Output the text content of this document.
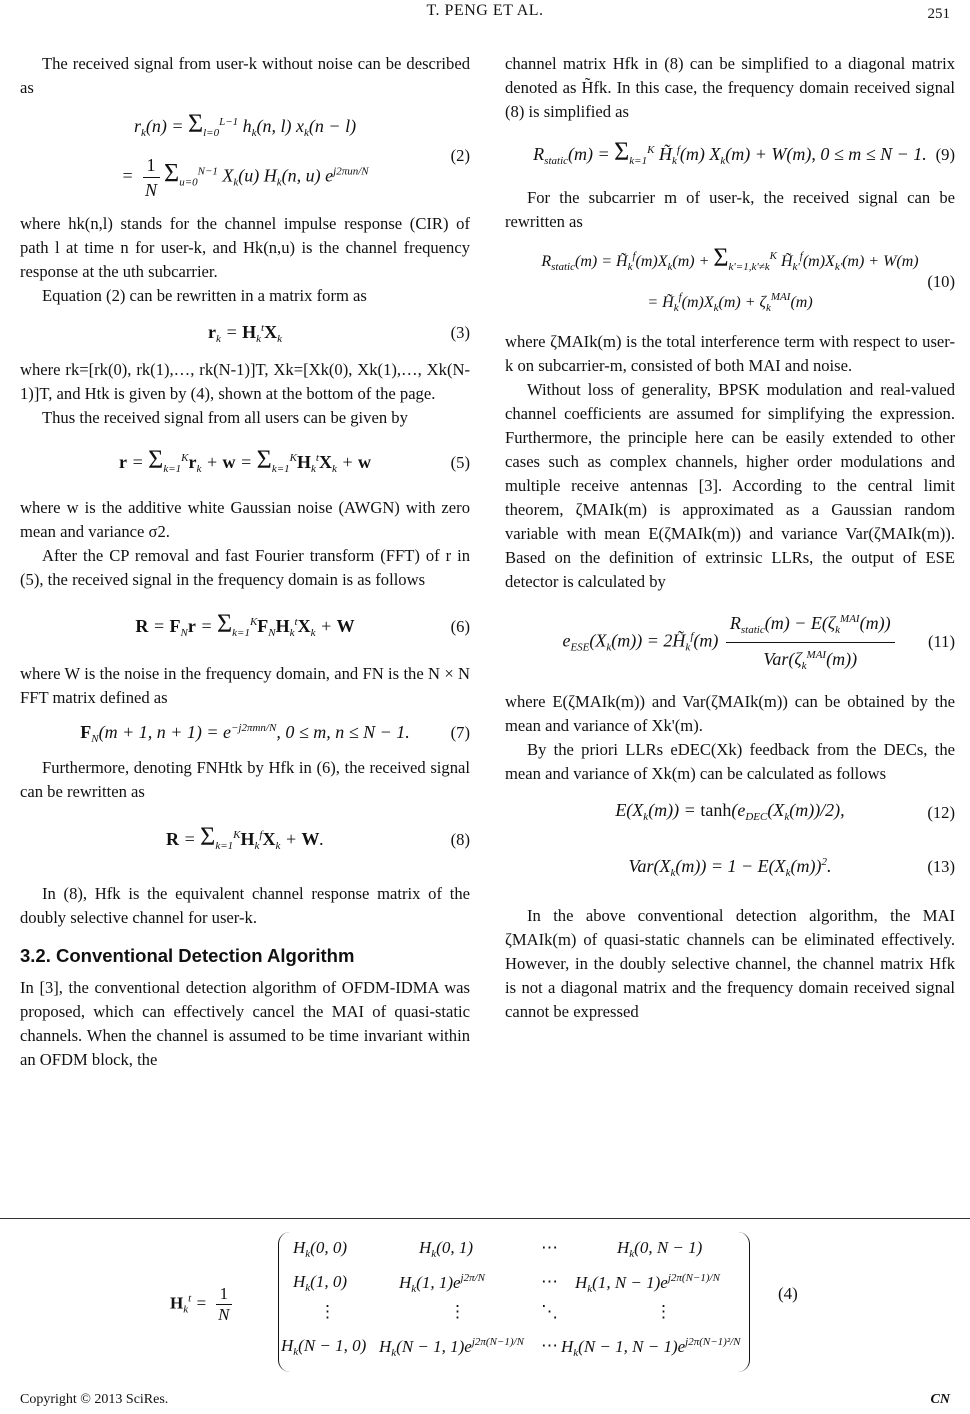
T. PENG ET AL.	251

The received signal from user-k without noise can be described as

$r_k(n) = \Sigma_{l=0}^{L-1}$ $h_k(n$, l) $x_k(n - l)$
= $\frac{1}{N} \Sigma_{u=0}^{N-1}$ $X_k(u)$ $H_k(n$, u) $e^{j2\pi un/N}$
(2)

where hk(n,l) stands for the channel impulse response (CIR) of path l at time n for user-k, and Hk(n,u) is the channel frequency response at the uth subcarrier.

Equation (2) can be rewritten in a matrix form as

$r_k = H_k^tX_k$	(3)

where rk=[rk(0), rk(1),…, rk(N-1)]T, Xk=[Xk(0), Xk(1),…, Xk(N-1)]T, and Htk is given by (4), shown at the bottom of the page.

Thus the received signal from all users can be given by

$r = \Sigma_{k=1}^Kr_k + w = \Sigma_{k=1}^KH_k^tX_k + w$	(5)

where w is the additive white Gaussian noise (AWGN) with zero mean and variance σ2.

After the CP removal and fast Fourier transform (FFT) of r in (5), the received signal in the frequency domain is as follows

$R = F_Nr = \Sigma_{k=1}^KF_NH_k^tX_k + W$	(6)

where W is the noise in the frequency domain, and FN is the N × N FFT matrix defined as

$F_N(m + 1$, $n + 1) = e^{-j2\pi mn/N}$, 0 ≤ m, n ≤ N − 1. (7)

Furthermore, denoting FNHtk by Hfk in (6), the received signal can be rewritten as

$R = \Sigma_{k=1}^KH_k^fX_k + W$.	(8)

In (8), Hfk is the equivalent channel response matrix of the doubly selective channel for user-k.

3.2. Conventional Detection Algorithm

In [3], the conventional detection algorithm of OFDM-IDMA was proposed, which can effectively cancel the MAI of quasi-static channels. When the channel is assumed to be time invariant within an OFDM block, the

channel matrix Hfk in (8) can be simplified to a diagonal matrix denoted as H̃fk. In this case, the frequency domain received signal (8) is simplified as

$R_{static}(m) = \Sigma_{k=1}^K$ $H̃_k^f(m) X_k(m) + W(m)$, 0 ≤ m ≤ N − 1. (9)

For the subcarrier m of user-k, the received signal can be rewritten as

$R_{static}(m)$ = $H̃_k^f(m)X_k(m) + \Sigma_{k'=1,k'\ne k}^K$ $H̃_{k'}^f(m)X_{k'}(m) + W(m)$
= $H̃_k^f(m)X_k(m) + \zeta_k^{MAI}(m)$
(10)

where ζMAIk(m) is the total interference term with respect to user-k on subcarrier-m, consisted of both MAI and noise.

Without loss of generality, BPSK modulation and real-valued channel coefficients are assumed for simplifying the expression. Furthermore, the principle here can be easily extended to other cases such as complex channels, higher order modulations and multiple receive antennas [3]. According to the central limit theorem, ζMAIk(m) is approximated as a Gaussian random variable with mean E(ζMAIk(m)) and variance Var(ζMAIk(m)). Based on the definition of extrinsic LLRs, the output of ESE detector is calculated by

$e_{ESE}(X_k(m))$ = $2H̃_k^f(m) \frac{R_{static}(m) - E(\zeta_k^{MAI}(m))}{Var(\zeta_k^{MAI}(m))} (11)$

where E(ζMAIk(m)) and Var(ζMAIk(m)) can be obtained by the mean and variance of Xk'(m).

By the priori LLRs eDEC(Xk) feedback from the DECs, the mean and variance of Xk(m) can be calculated as follows

$E(X_k(m)) = \tanh(e_{DEC}(X_k(m))/2)$,	(12)
$Var(X_k(m)) = 1 - E(X_k(m))^2$.	(13)

In the above conventional detection algorithm, the MAI ζMAIk(m) of quasi-static channels can be eliminated effectively. However, in the doubly selective channel, the channel matrix Hfk is not a diagonal matrix and the frequency domain received signal cannot be expressed

$H_k^t = \frac{1}{N}$
$H_k(0$, 0)	$H_k(0$, 1)	⋯	$H_k(0$, N − 1)
$H_k(1$, 0)	$H_k(1$, $1)e^{j2\pi/N}$	⋯ $H_k(1$, $N - 1)e^{j2\pi(N-1)/N}$
⋮	⋮	⋱	⋮
$H_k(N - 1$, 0) $H_k(N - 1$, $1)e^{j2\pi(N-1)/N}$ ⋯ $H_k(N - 1$, $N - 1)e^{j2\pi(N-1)^2/N}$
(4)
Copyright © 2013 SciRes.	CN
